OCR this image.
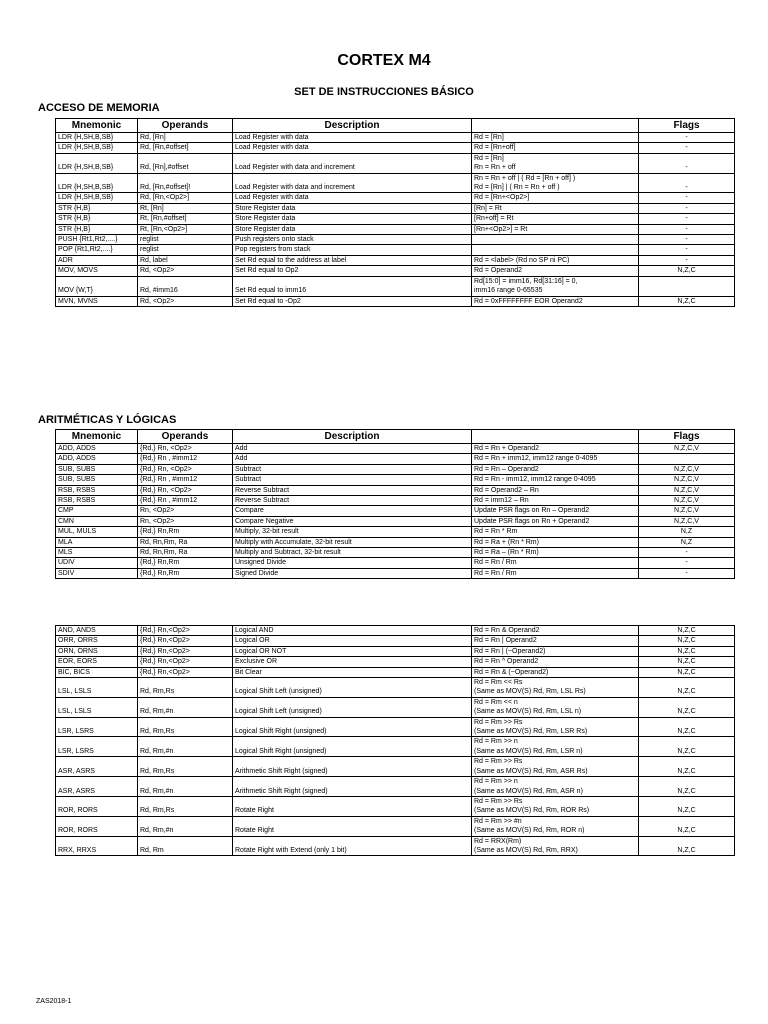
CORTEX M4
SET DE INSTRUCCIONES BÁSICO
ACCESO DE MEMORIA
Mnemonic	Operands	Description		Flags
LDR {H,SH,B,SB}	Rd, [Rn]	Load Register with data	Rd = [Rn]	-
LDR {H,SH,B,SB}	Rd, [Rn,#offset]	Load Register with data	Rd = [Rn+off]	-
LDR {H,SH,B,SB}	Rd, [Rn],#offset	Load Register with data and increment	Rd = [Rn]
Rn = Rn + off	-
LDR {H,SH,B,SB}	Rd, [Rn,#offset]!	Load Register with data and increment	Rn = Rn + off | ( Rd = [Rn + off] )
Rd = [Rn] | ( Rn = Rn + off )	-
LDR {H,SH,B,SB}	Rd, [Rn,<Op2>]	Load Register with data	Rd = [Rn+<Op2>]	-
STR {H,B}	Rt, [Rn]	Store Register data	[Rn] = Rt	-
STR {H,B}	Rt, [Rn,#offset]	Store Register data	[Rn+off] = Rt	-
STR {H,B}	Rt, [Rn,<Op2>]	Store Register data	[Rn+<Op2>] = Rt	-
PUSH {Rt1,Rt2,....}	reglist	Push registers onto stack		-
POP {Rt1,Rt2,....}	reglist	Pop registers from stack		-
ADR	Rd, label	Set Rd equal to the address at label	Rd = <label> (Rd no SP ni PC)	-
MOV, MOVS	Rd, <Op2>	Set Rd equal to Op2	Rd = Operand2	N,Z,C
MOV {W,T}	Rd, #imm16	Set Rd equal to imm16	Rd[15:0] = imm16, Rd[31:16] = 0,
imm16 range 0-65535	

MVN, MVNS	Rd, <Op2>	Set Rd equal to -Op2	Rd = 0xFFFFFFFF EOR Operand2	N,Z,C
ARITMÉTICAS Y LÓGICAS
Mnemonic	Operands	Description		Flags
ADD, ADDS	{Rd,} Rn, <Op2>	Add	Rd = Rn + Operand2	N,Z,C,V
ADD, ADDS	{Rd,} Rn , #imm12	Add	Rd = Rn + imm12, imm12 range 0-4095	

SUB, SUBS	{Rd,} Rn, <Op2>	Subtract	Rd = Rn – Operand2	N,Z,C,V
SUB, SUBS	{Rd,} Rn , #imm12	Subtract	Rd = Rn - imm12, imm12 range 0-4095	N,Z,C,V
RSB, RSBS	{Rd,} Rn, <Op2>	Reverse Subtract	Rd = Operand2 – Rn	N,Z,C,V
RSB, RSBS	{Rd,} Rn , #imm12	Reverse Subtract	Rd = imm12 – Rn	N,Z,C,V
CMP	Rn, <Op2>	Compare	Update PSR flags on Rn – Operand2	N,Z,C,V
CMN	Rn, <Op2>	Compare Negative	Update PSR flags on Rn + Operand2	N,Z,C,V
MUL, MULS	{Rd,} Rn,Rm	Multiply, 32-bit result	Rd = Rn * Rm	N,Z
MLA	Rd, Rn,Rm, Ra	Multiply with Accumulate, 32-bit result	Rd = Ra + (Rn * Rm)	N,Z
MLS	Rd, Rn,Rm, Ra	Multiply and Subtract, 32-bit result	Rd = Ra – (Rn * Rm)	-
UDIV	{Rd,} Rn,Rm	Unsigned Divide	Rd = Rn / Rm	-
SDIV	{Rd,} Rn,Rm	Signed Divide	Rd = Rn / Rm	-
AND, ANDS	{Rd,} Rn,<Op2>	Logical AND	Rd = Rn & Operand2	N,Z,C
ORR, ORRS	{Rd,} Rn,<Op2>	Logical OR	Rd = Rn | Operand2	N,Z,C
ORN, ORNS	{Rd,} Rn,<Op2>	Logical OR NOT	Rd = Rn | (~Operand2)	N,Z,C
EOR, EORS	{Rd,} Rn,<Op2>	Exclusive OR	Rd = Rn ^ Operand2	N,Z,C
BIC, BICS	{Rd,} Rn,<Op2>	Bit Clear	Rd = Rn & (~Operand2)	N,Z,C
LSL, LSLS	Rd, Rm,Rs	Logical Shift Left (unsigned)	Rd = Rm << Rs
(Same as MOV(S) Rd, Rm, LSL Rs)	N,Z,C
LSL, LSLS	Rd, Rm,#n	Logical Shift Left (unsigned)	Rd = Rm << n
(Same as MOV(S) Rd, Rm, LSL n)	N,Z,C
LSR, LSRS	Rd, Rm,Rs	Logical Shift Right (unsigned)	Rd = Rm >> Rs
(Same as MOV(S) Rd, Rm, LSR Rs)	N,Z,C
LSR, LSRS	Rd, Rm,#n	Logical Shift Right (unsigned)	Rd = Rm >> n
(Same as MOV(S) Rd, Rm, LSR n)	N,Z,C
ASR, ASRS	Rd, Rm,Rs	Arithmetic Shift Right (signed)	Rd = Rm >> Rs
(Same as MOV(S) Rd, Rm, ASR Rs)	N,Z,C
ASR, ASRS	Rd, Rm,#n	Arithmetic Shift Right (signed)	Rd = Rm >> n
(Same as MOV(S) Rd, Rm, ASR n)	N,Z,C
ROR, RORS	Rd, Rm,Rs	Rotate Right	Rd = Rm >> Rs
(Same as MOV(S) Rd, Rm, ROR Rs)	N,Z,C
ROR, RORS	Rd, Rm,#n	Rotate Right	Rd = Rm >> #n
(Same as MOV(S) Rd, Rm, ROR n)	N,Z,C
RRX, RRXS	Rd, Rm	Rotate Right with Extend (only 1 bit)	Rd = RRX(Rm)
(Same as MOV(S) Rd, Rm, RRX)	N,Z,C
ZAS2018-1
